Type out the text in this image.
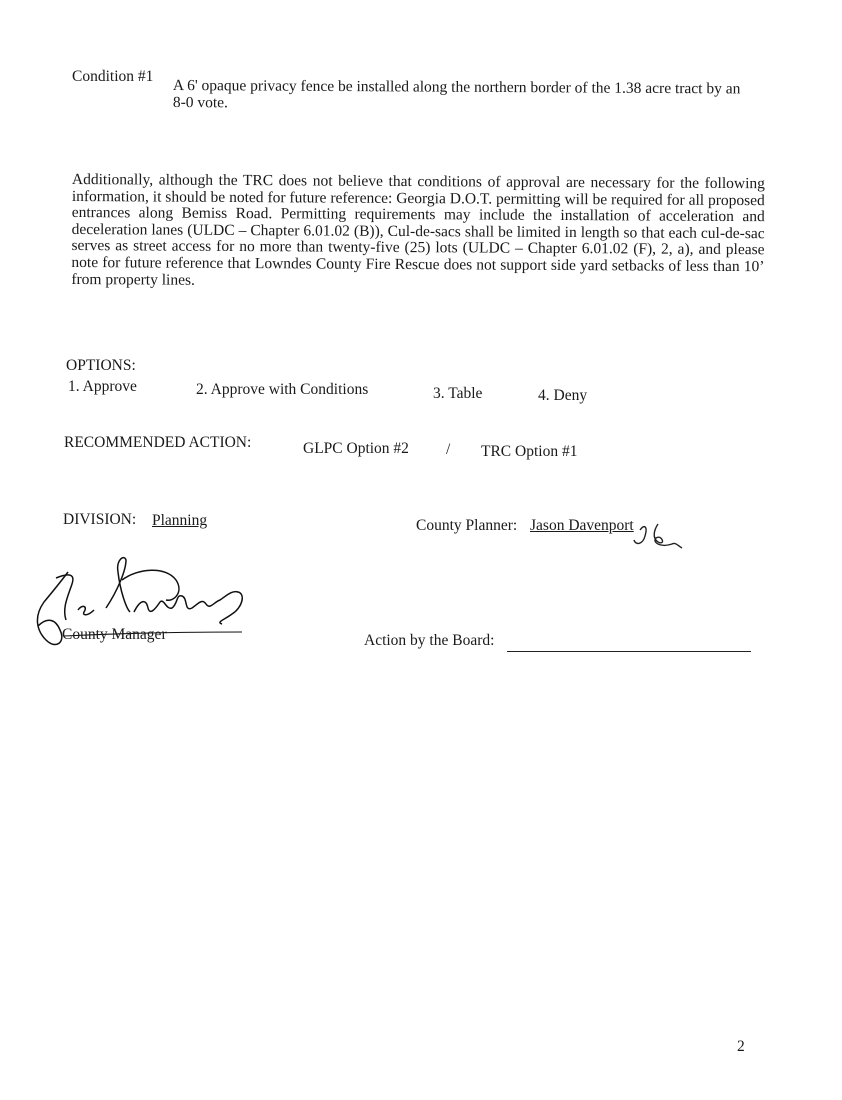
Condition #1
A 6' opaque privacy fence be installed along the northern border of the 1.38 acre tract by an 8-0 vote.
Additionally, although the TRC does not believe that conditions of approval are necessary for the following information, it should be noted for future reference: Georgia D.O.T. permitting will be required for all proposed entrances along Bemiss Road. Permitting requirements may include the installation of acceleration and deceleration lanes (ULDC – Chapter 6.01.02 (B)), Cul-de-sacs shall be limited in length so that each cul-de-sac serves as street access for no more than twenty-five (25) lots (ULDC – Chapter 6.01.02 (F), 2, a), and please note for future reference that Lowndes County Fire Rescue does not support side yard setbacks of less than 10’ from property lines.
OPTIONS:
1. Approve	2. Approve with Conditions	3. Table	4. Deny
RECOMMENDED ACTION:	GLPC Option #2 / TRC Option #1
DIVISION: Planning	County Planner: Jason Davenport
County Manager	Action by the Board:
2
